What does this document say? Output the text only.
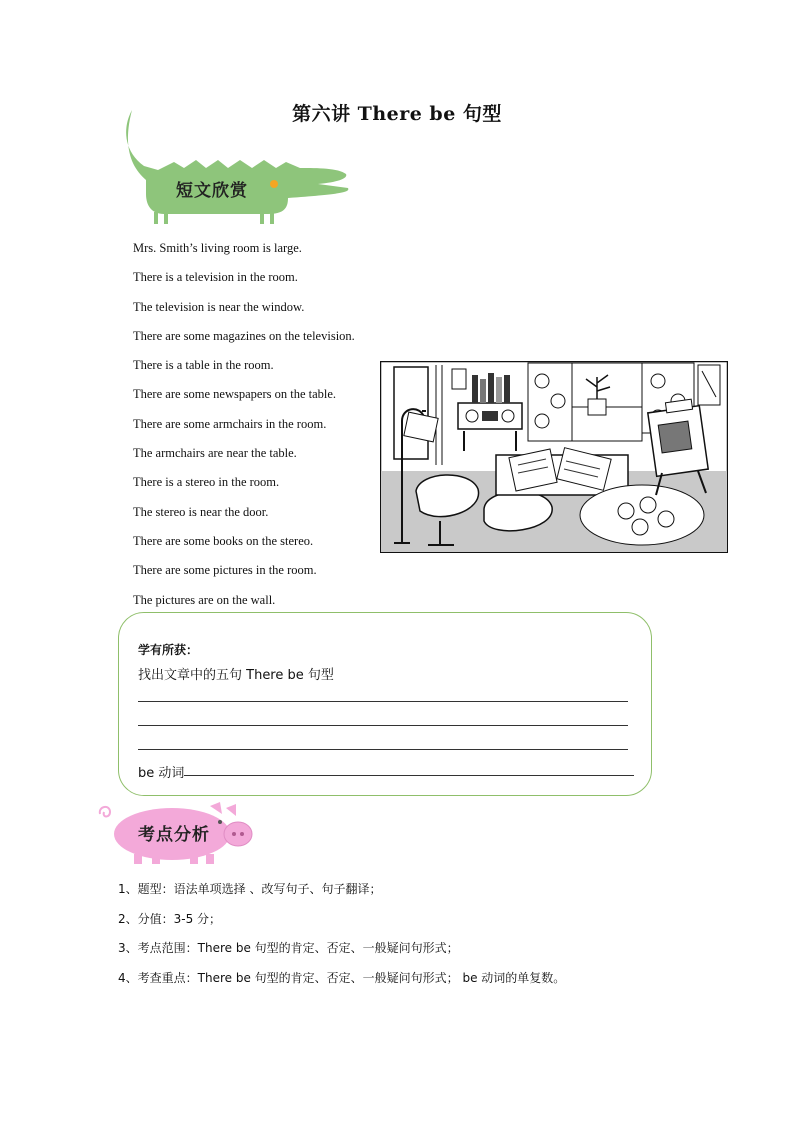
第六讲 There be 句型
短文欣赏
Mrs. Smith’s living room is large.
There is a television in the room.
The television is near the window.
There are some magazines on the television.
There is a table in the room.
There are some newspapers on the table.
There are some armchairs in the room.
The armchairs are near the table.
There is a stereo in the room.
The stereo is near the door.
There are some books on the stereo.
There are some pictures in the room.
The pictures are on the wall.
学有所获：
找出文章中的五句 There be 句型
be 动词
考点分析
1、题型：语法单项选择 、改写句子、句子翻译；
2、分值：3-5 分；
3、考点范围：There be 句型的肯定、否定、一般疑问句形式；
4、考查重点：There be 句型的肯定、否定、一般疑问句形式； be 动词的单复数。
